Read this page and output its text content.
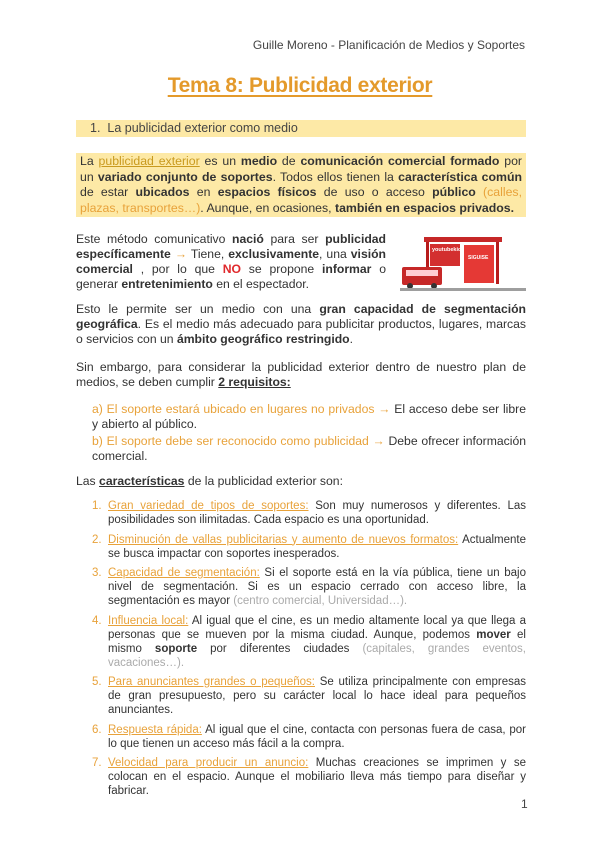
Guille Moreno - Planificación de Medios y Soportes
Tema 8: Publicidad exterior
1. La publicidad exterior como medio
La publicidad exterior es un medio de comunicación comercial formado por un variado conjunto de soportes. Todos ellos tienen la característica común de estar ubicados en espacios físicos de uso o acceso público (calles, plazas, transportes…). Aunque, en ocasiones, también en espacios privados.
Este método comunicativo nació para ser publicidad específicamente → Tiene, exclusivamente, una visión comercial , por lo que NO se propone informar o generar entretenimiento en el espectador.
youtubekid
SIGUISE
Esto le permite ser un medio con una gran capacidad de segmentación geográfica. Es el medio más adecuado para publicitar productos, lugares, marcas o servicios con un ámbito geográfico restringido.
Sin embargo, para considerar la publicidad exterior dentro de nuestro plan de medios, se deben cumplir 2 requisitos:
a) El soporte estará ubicado en lugares no privados → El acceso debe ser libre y abierto al público.
b) El soporte debe ser reconocido como publicidad → Debe ofrecer información comercial.
Las características de la publicidad exterior son:
1. Gran variedad de tipos de soportes: Son muy numerosos y diferentes. Las posibilidades son ilimitadas. Cada espacio es una oportunidad.
2. Disminución de vallas publicitarias y aumento de nuevos formatos: Actualmente se busca impactar con soportes inesperados.
3. Capacidad de segmentación: Si el soporte está en la vía pública, tiene un bajo nivel de segmentación. Si es un espacio cerrado con acceso libre, la segmentación es mayor (centro comercial, Universidad…).
4. Influencia local: Al igual que el cine, es un medio altamente local ya que llega a personas que se mueven por la misma ciudad. Aunque, podemos mover el mismo soporte por diferentes ciudades (capitales, grandes eventos, vacaciones…).
5. Para anunciantes grandes o pequeños: Se utiliza principalmente con empresas de gran presupuesto, pero su carácter local lo hace ideal para pequeños anunciantes.
6. Respuesta rápida: Al igual que el cine, contacta con personas fuera de casa, por lo que tienen un acceso más fácil a la compra.
7. Velocidad para producir un anuncio: Muchas creaciones se imprimen y se colocan en el espacio. Aunque el mobiliario lleva más tiempo para diseñar y fabricar.
1
